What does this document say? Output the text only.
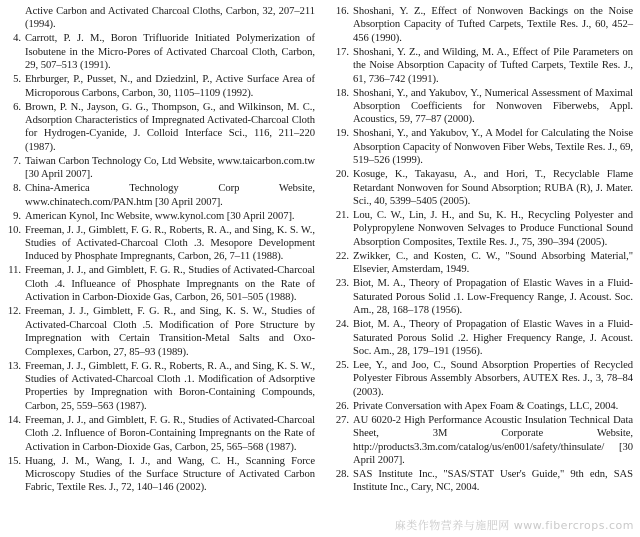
Active Carbon and Activated Charcoal Cloths, Carbon, 32, 207–211 (1994).
4. Carrott, P. J. M., Boron Trifluoride Initiated Polymerization of Isobutene in the Micro-Pores of Activated Charcoal Cloth, Carbon, 29, 507–513 (1991).
5. Ehrburger, P., Pusset, N., and Dziedzinl, P., Active Surface Area of Microporous Carbons, Carbon, 30, 1105–1109 (1992).
6. Brown, P. N., Jayson, G. G., Thompson, G., and Wilkinson, M. C., Adsorption Characteristics of Impregnated Activated-Charcoal Cloth for Hydrogen-Cyanide, J. Colloid Interface Sci., 116, 211–220 (1987).
7. Taiwan Carbon Technology Co, Ltd Website, www.taicarbon.com.tw [30 April 2007].
8. China-America Technology Corp Website, www.chinatech.com/PAN.htm [30 April 2007].
9. American Kynol, Inc Website, www.kynol.com [30 April 2007].
10. Freeman, J. J., Gimblett, F. G. R., Roberts, R. A., and Sing, K. S. W., Studies of Activated-Charcoal Cloth .3. Mesopore Development Induced by Phosphate Impregnants, Carbon, 26, 7–11 (1988).
11. Freeman, J. J., and Gimblett, F. G. R., Studies of Activated-Charcoal Cloth .4. Influeance of Phosphate Impregnants on the Rate of Activation in Carbon-Dioxide Gas, Carbon, 26, 501–505 (1988).
12. Freeman, J. J., Gimblett, F. G. R., and Sing, K. S. W., Studies of Activated-Charcoal Cloth .5. Modification of Pore Structure by Impregnation with Certain Transition-Metal Salts and Oxo-Complexes, Carbon, 27, 85–93 (1989).
13. Freeman, J. J., Gimblett, F. G. R., Roberts, R. A., and Sing, K. S. W., Studies of Activated-Charcoal Cloth .1. Modification of Adsorptive Properties by Impregnation with Boron-Containing Compounds, Carbon, 25, 559–563 (1987).
14. Freeman, J. J., and Gimblett, F. G. R., Studies of Activated-Charcoal Cloth .2. Influence of Boron-Containing Impregnants on the Rate of Activation in Carbon-Dioxide Gas, Carbon, 25, 565–568 (1987).
15. Huang, J. M., Wang, I. J., and Wang, C. H., Scanning Force Microscopy Studies of the Surface Structure of Activated Carbon Fabric, Textile Res. J., 72, 140–146 (2002).
16. Shoshani, Y. Z., Effect of Nonwoven Backings on the Noise Absorption Capacity of Tufted Carpets, Textile Res. J., 60, 452–456 (1990).
17. Shoshani, Y. Z., and Wilding, M. A., Effect of Pile Parameters on the Noise Absorption Capacity of Tufted Carpets, Textile Res. J., 61, 736–742 (1991).
18. Shoshani, Y., and Yakubov, Y., Numerical Assessment of Maximal Absorption Coefficients for Nonwoven Fiberwebs, Appl. Acoustics, 59, 77–87 (2000).
19. Shoshani, Y., and Yakubov, Y., A Model for Calculating the Noise Absorption Capacity of Nonwoven Fiber Webs, Textile Res. J., 69, 519–526 (1999).
20. Kosuge, K., Takayasu, A., and Hori, T., Recyclable Flame Retardant Nonwoven for Sound Absorption; RUBA (R), J. Mater. Sci., 40, 5399–5405 (2005).
21. Lou, C. W., Lin, J. H., and Su, K. H., Recycling Polyester and Polypropylene Nonwoven Selvages to Produce Functional Sound Absorption Composites, Textile Res. J., 75, 390–394 (2005).
22. Zwikker, C., and Kosten, C. W., "Sound Absorbing Material," Elsevier, Amsterdam, 1949.
23. Biot, M. A., Theory of Propagation of Elastic Waves in a Fluid-Saturated Porous Solid .1. Low-Frequency Range, J. Acoust. Soc. Am., 28, 168–178 (1956).
24. Biot, M. A., Theory of Propagation of Elastic Waves in a Fluid-Saturated Porous Solid .2. Higher Frequency Range, J. Acoust. Soc. Am., 28, 179–191 (1956).
25. Lee, Y., and Joo, C., Sound Absorption Properties of Recycled Polyester Fibrous Assembly Absorbers, AUTEX Res. J., 3, 78–84 (2003).
26. Private Conversation with Apex Foam & Coatings, LLC, 2004.
27. AU 6020-2 High Performance Acoustic Insulation Technical Data Sheet, 3M Corporate Website, http://products3.3m.com/catalog/us/en001/safety/thinsulate/ [30 April 2007].
28. SAS Institute Inc., "SAS/STAT User's Guide," 9th edn, SAS Institute Inc., Cary, NC, 2004.
麻类作物营养与施肥网 www.fibercrops.com
